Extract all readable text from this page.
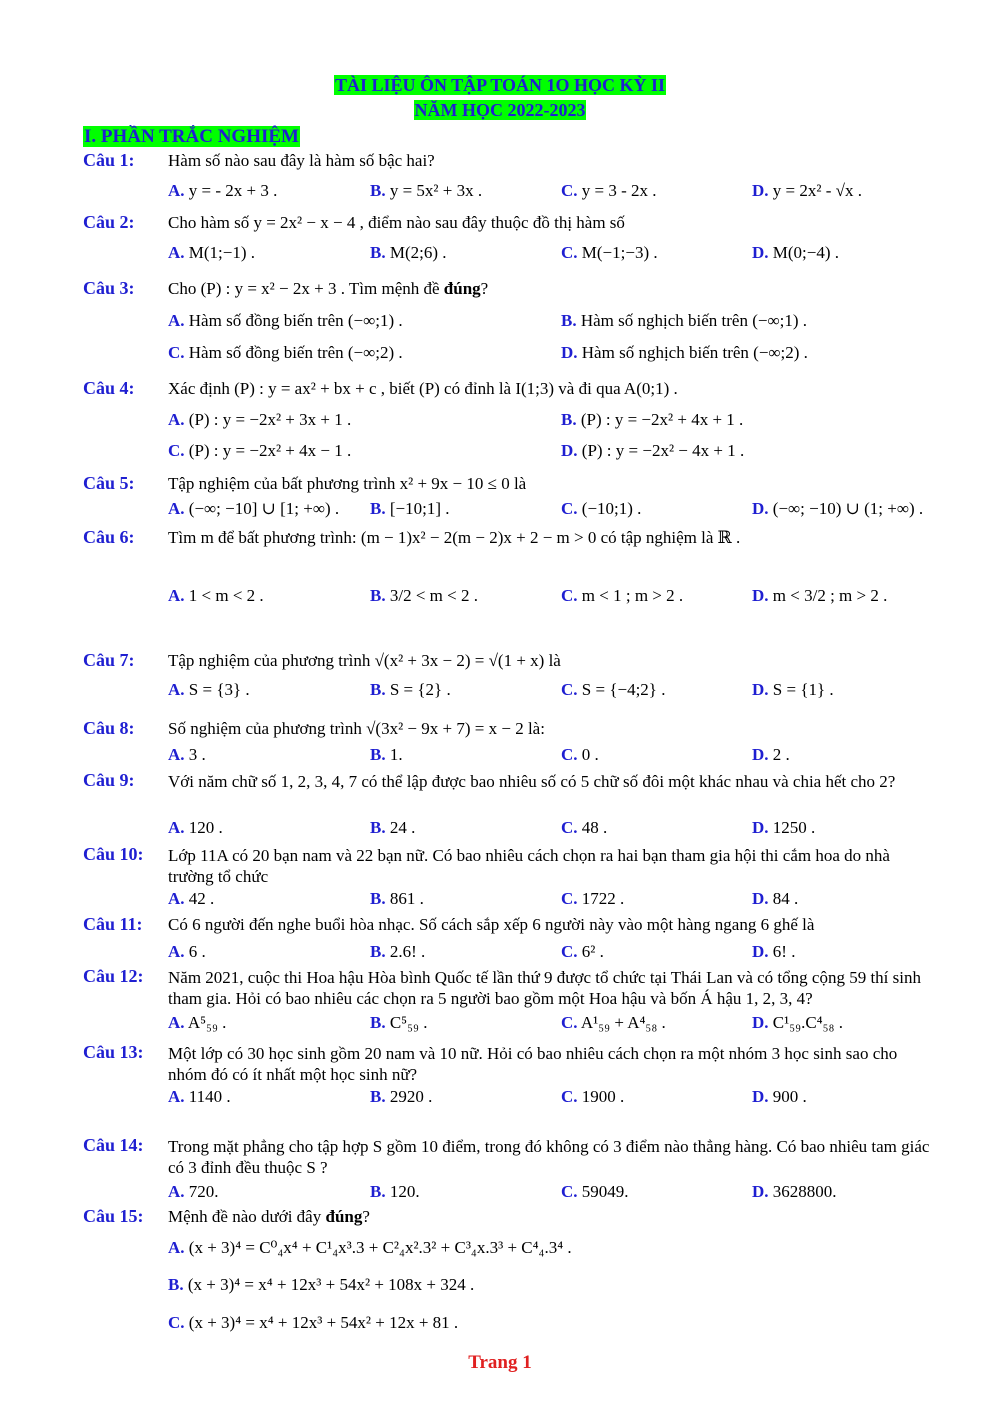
TÀI LIỆU ÔN TẬP TOÁN 1O HỌC KỲ II
NĂM HỌC 2022-2023
I. PHẦN TRẮC NGHIỆM
Câu 1: Hàm số nào sau đây là hàm số bậc hai?
A. y = - 2x + 3 .	B. y = 5x² + 3x .	C. y = 3 - 2x .	D. y = 2x² - √x .
Câu 2: Cho hàm số y = 2x² − x − 4 , điểm nào sau đây thuộc đồ thị hàm số
A. M(1;−1) .	B. M(2;6) .	C. M(−1;−3) .	D. M(0;−4) .
Câu 3: Cho (P) : y = x² − 2x + 3 . Tìm mệnh đề đúng?
A. Hàm số đồng biến trên (−∞;1) .	B. Hàm số nghịch biến trên (−∞;1) .
C. Hàm số đồng biến trên (−∞;2) .	D. Hàm số nghịch biến trên (−∞;2) .
Câu 4: Xác định (P) : y = ax² + bx + c , biết (P) có đỉnh là I(1;3) và đi qua A(0;1) .
A. (P) : y = −2x² + 3x + 1 .	B. (P) : y = −2x² + 4x + 1 .
C. (P) : y = −2x² + 4x − 1 .	D. (P) : y = −2x² − 4x + 1 .
Câu 5: Tập nghiệm của bất phương trình x² + 9x − 10 ≤ 0 là
A. (−∞; −10] ∪ [1; +∞) . B. [−10;1] .	C. (−10;1) .	D. (−∞; −10) ∪ (1; +∞) .
Câu 6: Tìm m để bất phương trình: (m − 1)x² − 2(m − 2)x + 2 − m > 0 có tập nghiệm là ℝ .
A. 1 < m < 2 .	B. 3/2 < m < 2 .	C. m < 1 ; m > 2 .	D. m < 3/2 ; m > 2 .
Câu 7: Tập nghiệm của phương trình √(x² + 3x − 2) = √(1 + x) là
A. S = {3} .	B. S = {2} .	C. S = {−4;2} .	D. S = {1} .
Câu 8: Số nghiệm của phương trình √(3x² − 9x + 7) = x − 2 là:
A. 3 .	B. 1.	C. 0 .	D. 2 .
Câu 9: Với năm chữ số 1, 2, 3, 4, 7 có thể lập được bao nhiêu số có 5 chữ số đôi một khác nhau và chia hết cho 2?
A. 120 .	B. 24 .	C. 48 .	D. 1250 .
Câu 10: Lớp 11A có 20 bạn nam và 22 bạn nữ. Có bao nhiêu cách chọn ra hai bạn tham gia hội thi cắm hoa do nhà trường tổ chức
A. 42 .	B. 861 .	C. 1722 .	D. 84 .
Câu 11: Có 6 người đến nghe buổi hòa nhạc. Số cách sắp xếp 6 người này vào một hàng ngang 6 ghế là
A. 6 .	B. 2.6! .	C. 6² .	D. 6! .
Câu 12: Năm 2021, cuộc thi Hoa hậu Hòa bình Quốc tế lần thứ 9 được tổ chức tại Thái Lan và có tổng cộng 59 thí sinh tham gia. Hỏi có bao nhiêu các chọn ra 5 người bao gồm một Hoa hậu và bốn Á hậu 1, 2, 3, 4?
A. A⁵₅₉ .	B. C⁵₅₉ .	C. A¹₅₉ + A⁴₅₈ .	D. C¹₅₉.C⁴₅₈ .
Câu 13: Một lớp có 30 học sinh gồm 20 nam và 10 nữ. Hỏi có bao nhiêu cách chọn ra một nhóm 3 học sinh sao cho nhóm đó có ít nhất một học sinh nữ?
A. 1140 .	B. 2920 .	C. 1900 .	D. 900 .
Câu 14: Trong mặt phẳng cho tập hợp S gồm 10 điểm, trong đó không có 3 điểm nào thẳng hàng. Có bao nhiêu tam giác có 3 đỉnh đều thuộc S ?
A. 720.	B. 120.	C. 59049.	D. 3628800.
Câu 15: Mệnh đề nào dưới đây đúng?
A. (x + 3)⁴ = C⁰₄x⁴ + C¹₄x³.3 + C²₄x².3² + C³₄x.3³ + C⁴₄.3⁴ .
B. (x + 3)⁴ = x⁴ + 12x³ + 54x² + 108x + 324 .
C. (x + 3)⁴ = x⁴ + 12x³ + 54x² + 12x + 81 .
Trang 1
